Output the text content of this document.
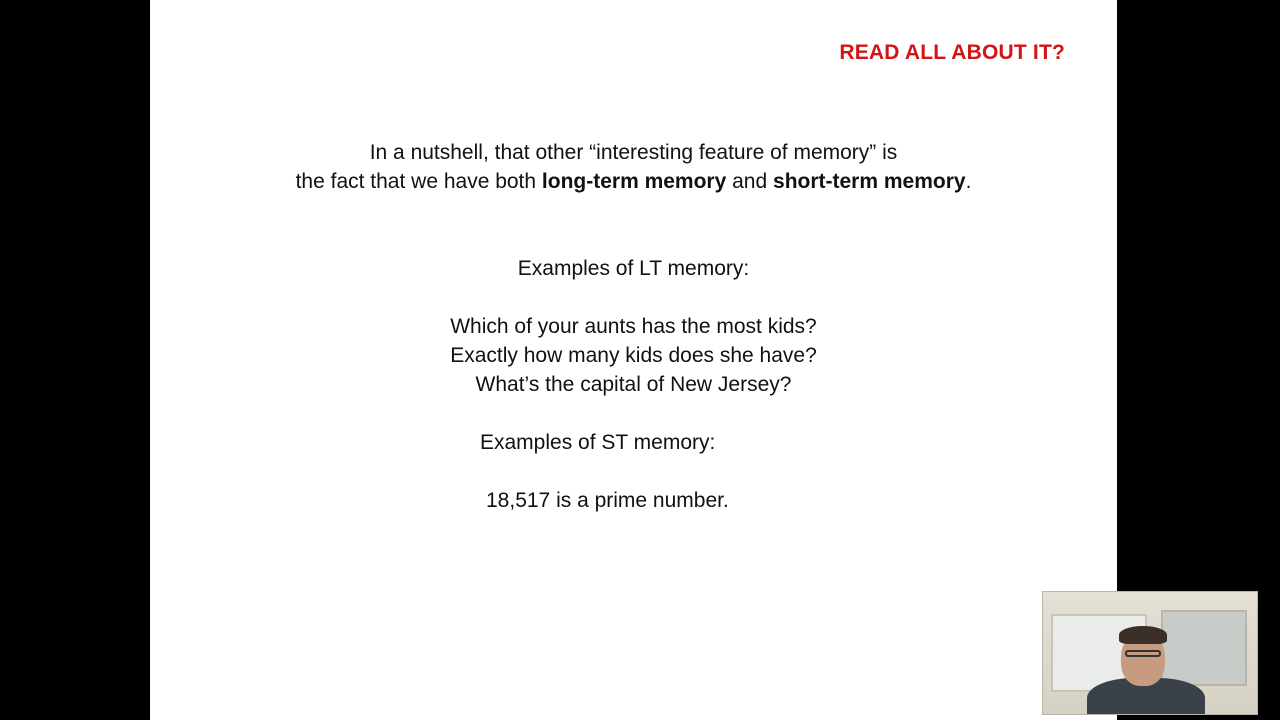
READ ALL ABOUT IT?
In a nutshell, that other “interesting feature of memory” is
the fact that we have both long-term memory and short-term memory.
Examples of LT memory:
Which of your aunts has the most kids?
Exactly how many kids does she have?
What’s the capital of New Jersey?
Examples of ST memory:
18,517 is a prime number.
